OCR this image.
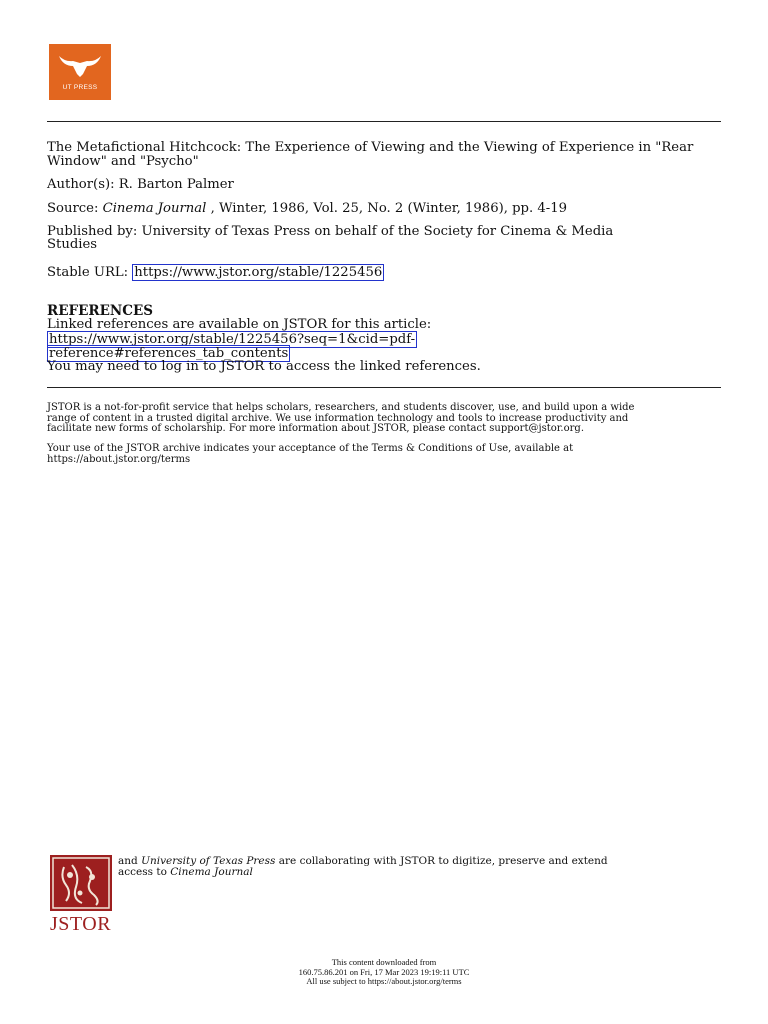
UT PRESS
The Metafictional Hitchcock: The Experience of Viewing and the Viewing of Experience in "Rear Window" and "Psycho"
Author(s): R. Barton Palmer
Source: Cinema Journal , Winter, 1986, Vol. 25, No. 2 (Winter, 1986), pp. 4-19
Published by: University of Texas Press on behalf of the Society for Cinema & Media
Studies
Stable URL: https://www.jstor.org/stable/1225456
REFERENCES
Linked references are available on JSTOR for this article:
https://www.jstor.org/stable/1225456?seq=1&cid=pdf-
reference#references_tab_contents
You may need to log in to JSTOR to access the linked references.
JSTOR is a not-for-profit service that helps scholars, researchers, and students discover, use, and build upon a wide
range of content in a trusted digital archive. We use information technology and tools to increase productivity and
facilitate new forms of scholarship. For more information about JSTOR, please contact support@jstor.org.
Your use of the JSTOR archive indicates your acceptance of the Terms & Conditions of Use, available at
https://about.jstor.org/terms
JSTOR
and University of Texas Press are collaborating with JSTOR to digitize, preserve and extend
access to Cinema Journal
This content downloaded from
160.75.86.201 on Fri, 17 Mar 2023 19:19:11 UTC
All use subject to https://about.jstor.org/terms
